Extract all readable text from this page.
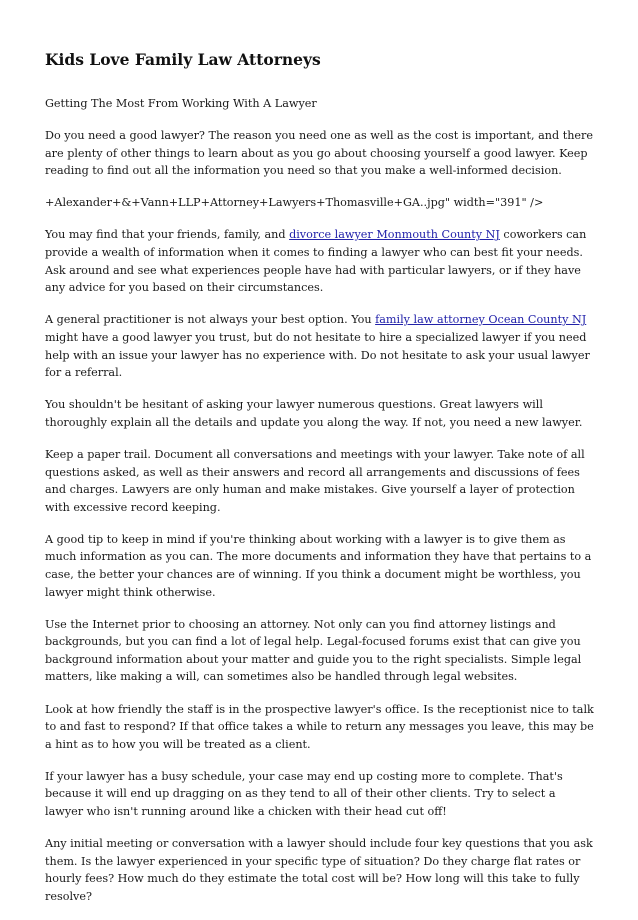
Kids Love Family Law Attorneys

Getting The Most From Working With A Lawyer

Do you need a good lawyer? The reason you need one as well as the cost is important, and there are plenty of other things to learn about as you go about choosing yourself a good lawyer. Keep reading to find out all the information you need so that you make a well-informed decision.

+Alexander+&+Vann+LLP+Attorney+Lawyers+Thomasville+GA..jpg" width="391" />

You may find that your friends, family, and divorce lawyer Monmouth County NJ coworkers can provide a wealth of information when it comes to finding a lawyer who can best fit your needs. Ask around and see what experiences people have had with particular lawyers, or if they have any advice for you based on their circumstances.

A general practitioner is not always your best option. You family law attorney Ocean County NJ might have a good lawyer you trust, but do not hesitate to hire a specialized lawyer if you need help with an issue your lawyer has no experience with. Do not hesitate to ask your usual lawyer for a referral.

You shouldn't be hesitant of asking your lawyer numerous questions. Great lawyers will thoroughly explain all the details and update you along the way. If not, you need a new lawyer.

Keep a paper trail. Document all conversations and meetings with your lawyer. Take note of all questions asked, as well as their answers and record all arrangements and discussions of fees and charges. Lawyers are only human and make mistakes. Give yourself a layer of protection with excessive record keeping.

A good tip to keep in mind if you're thinking about working with a lawyer is to give them as much information as you can. The more documents and information they have that pertains to a case, the better your chances are of winning. If you think a document might be worthless, you lawyer might think otherwise.

Use the Internet prior to choosing an attorney. Not only can you find attorney listings and backgrounds, but you can find a lot of legal help. Legal-focused forums exist that can give you background information about your matter and guide you to the right specialists. Simple legal matters, like making a will, can sometimes also be handled through legal websites.

Look at how friendly the staff is in the prospective lawyer's office. Is the receptionist nice to talk to and fast to respond? If that office takes a while to return any messages you leave, this may be a hint as to how you will be treated as a client.

If your lawyer has a busy schedule, your case may end up costing more to complete. That's because it will end up dragging on as they tend to all of their other clients. Try to select a lawyer who isn't running around like a chicken with their head cut off!

Any initial meeting or conversation with a lawyer should include four key questions that you ask them. Is the lawyer experienced in your specific type of situation? Do they charge flat rates or hourly fees? How much do they estimate the total cost will be? How long will this take to fully resolve?
